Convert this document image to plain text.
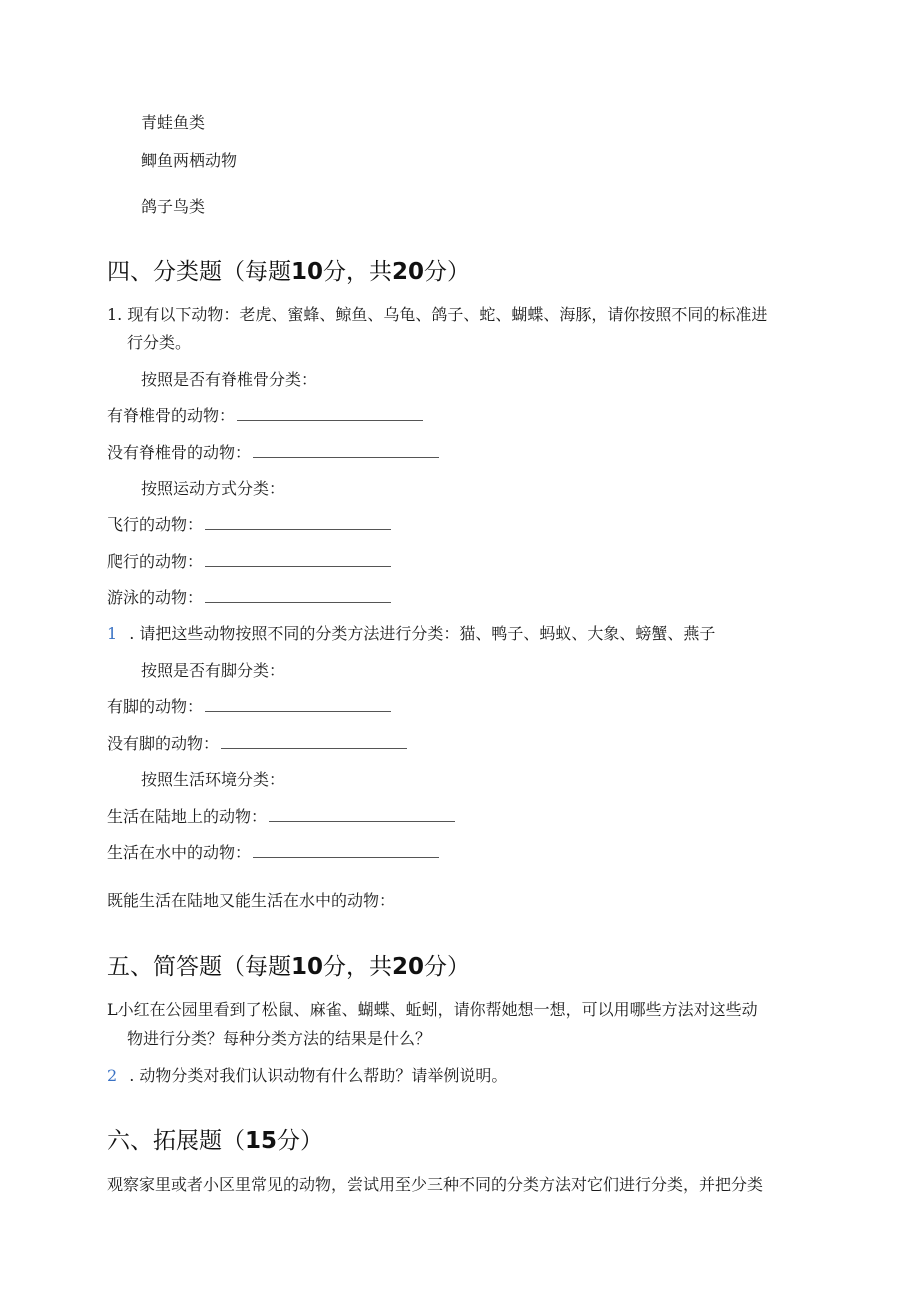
青蛙鱼类
鲫鱼两栖动物
鸽子鸟类
四、分类题（每题10分，共20分）
1. 现有以下动物：老虎、蜜蜂、鲸鱼、乌龟、鸽子、蛇、蝴蝶、海豚，请你按照不同的标准进
行分类。
按照是否有脊椎骨分类：
有脊椎骨的动物：
没有脊椎骨的动物：
按照运动方式分类：
飞行的动物：
爬行的动物：
游泳的动物：
1 . 请把这些动物按照不同的分类方法进行分类：猫、鸭子、蚂蚁、大象、螃蟹、燕子
按照是否有脚分类：
有脚的动物：
没有脚的动物：
按照生活环境分类：
生活在陆地上的动物：
生活在水中的动物：
既能生活在陆地又能生活在水中的动物：
五、简答题（每题10分，共20分）
L小红在公园里看到了松鼠、麻雀、蝴蝶、蚯蚓，请你帮她想一想，可以用哪些方法对这些动
物进行分类？每种分类方法的结果是什么？
2 . 动物分类对我们认识动物有什么帮助？请举例说明。
六、拓展题（15分）
观察家里或者小区里常见的动物，尝试用至少三种不同的分类方法对它们进行分类，并把分类
